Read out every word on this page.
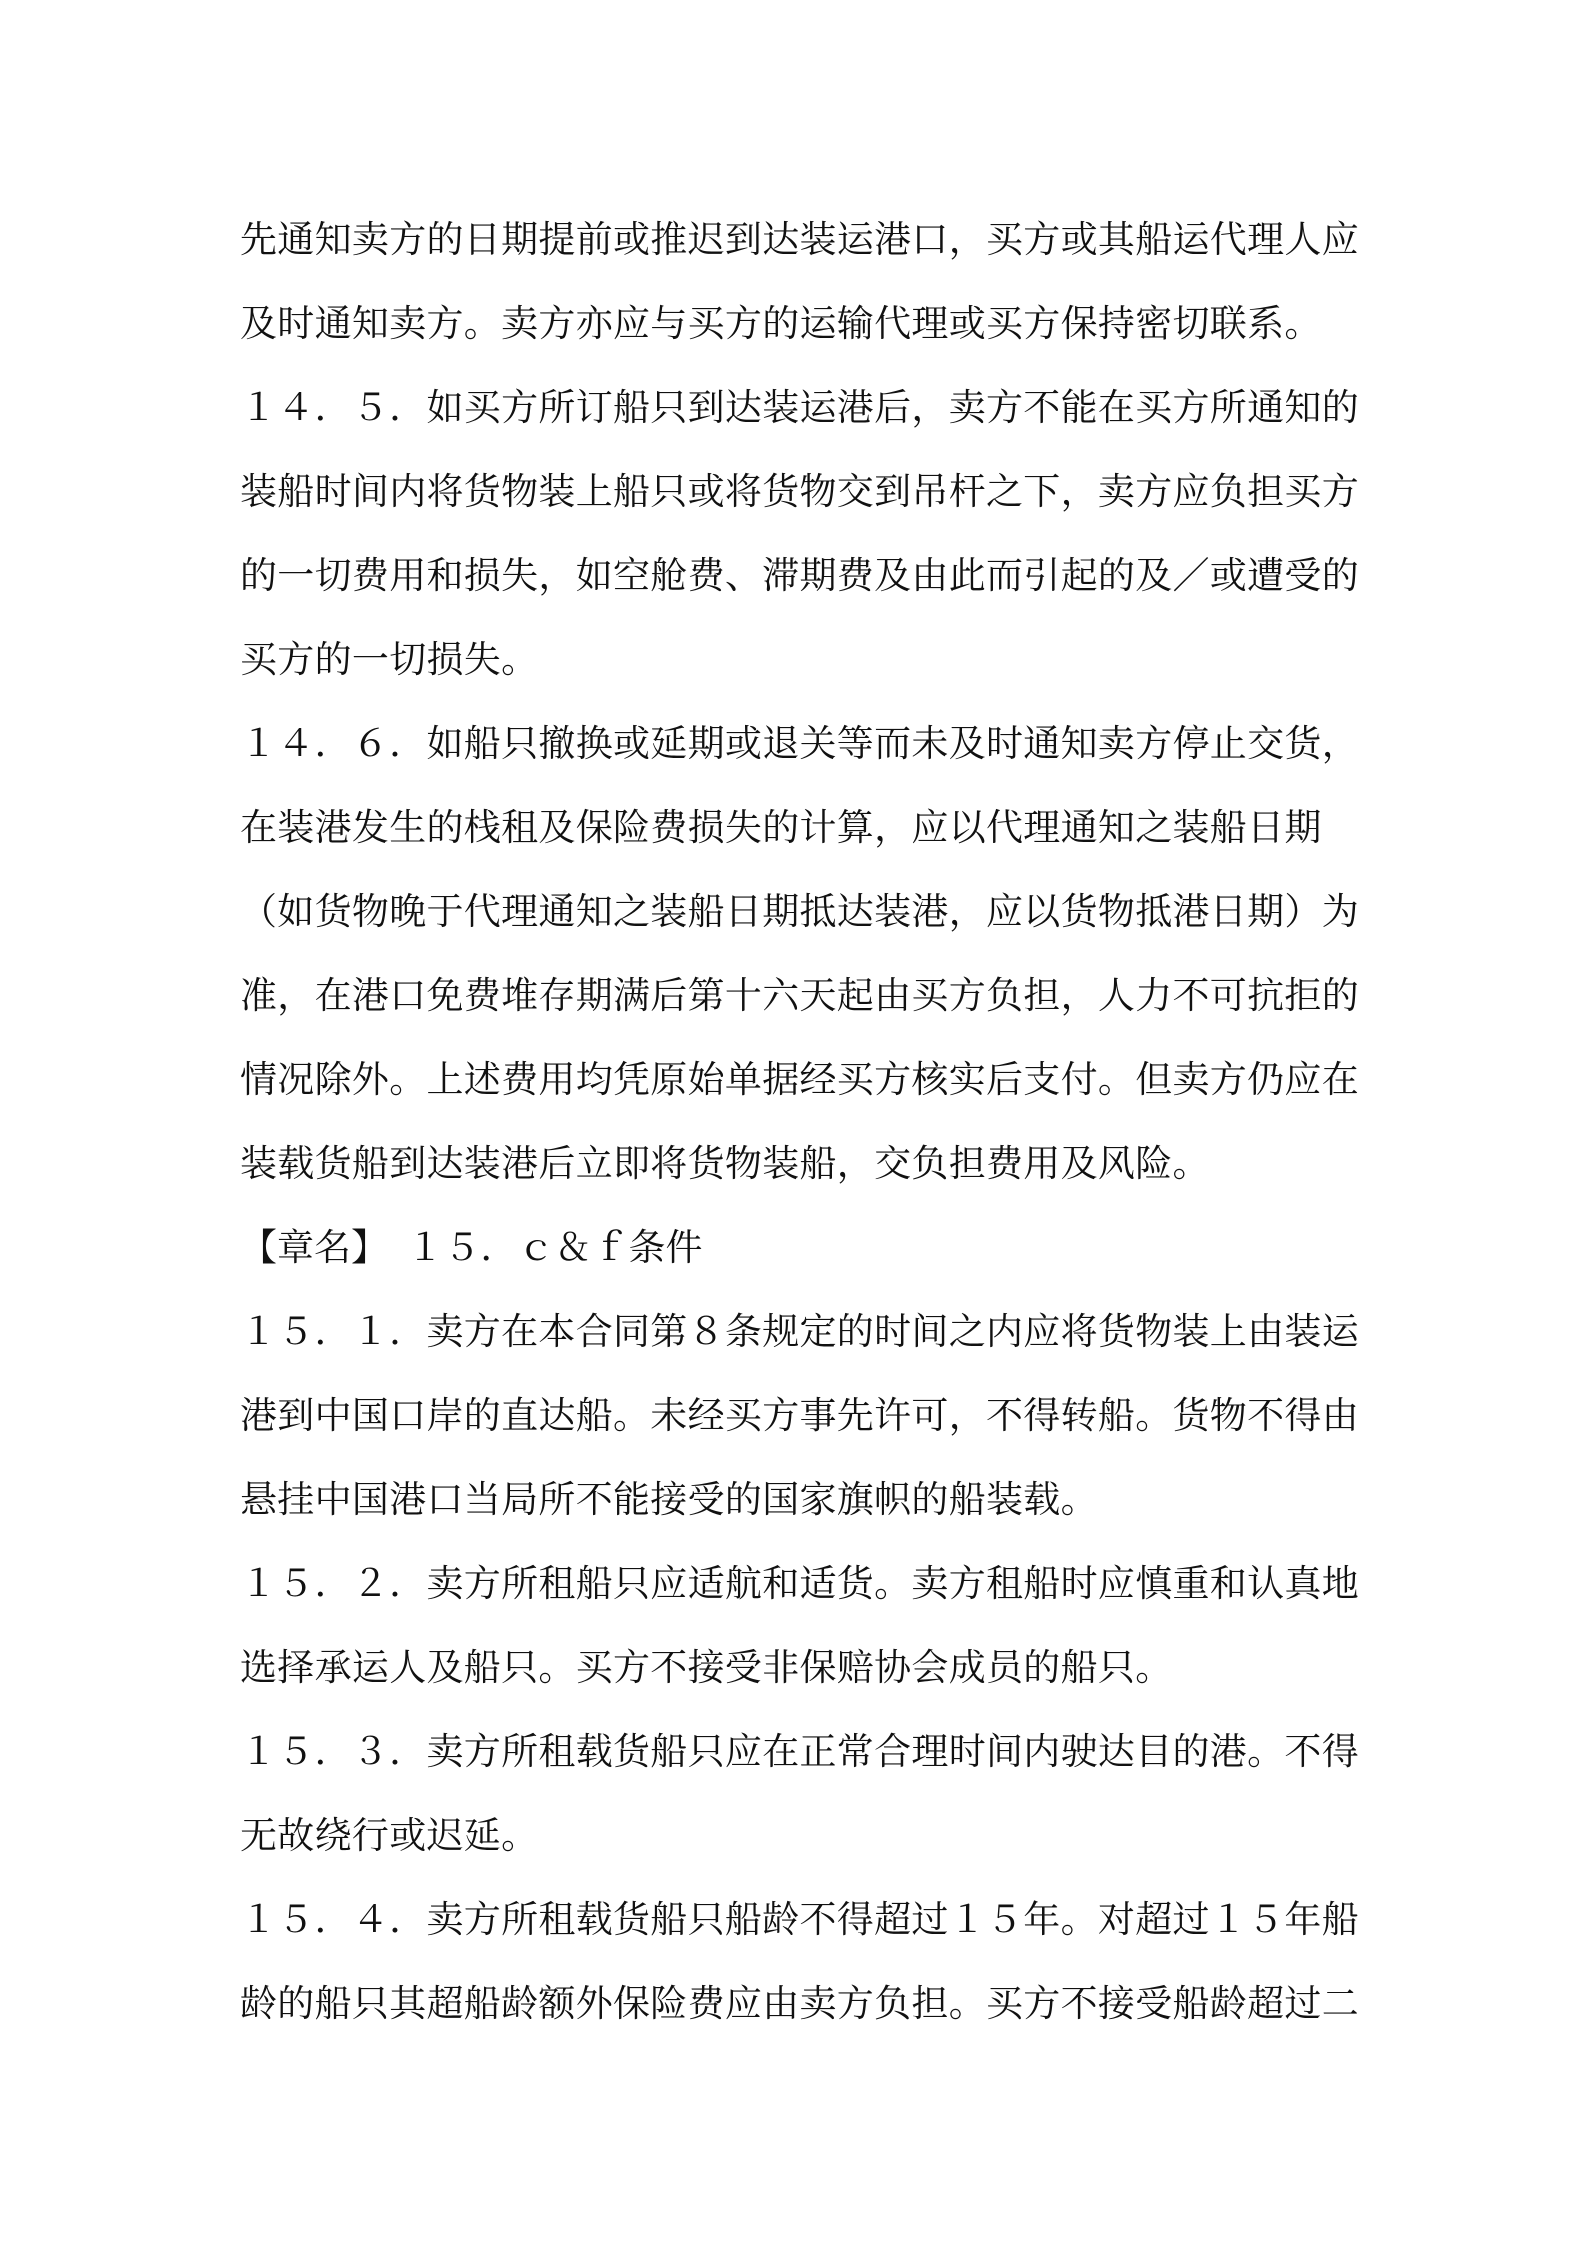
先通知卖方的日期提前或推迟到达装运港口，买方或其船运代理人应
及时通知卖方。卖方亦应与买方的运输代理或买方保持密切联系。
１４．５．如买方所订船只到达装运港后，卖方不能在买方所通知的
装船时间内将货物装上船只或将货物交到吊杆之下，卖方应负担买方
的一切费用和损失，如空舱费、滞期费及由此而引起的及／或遭受的
买方的一切损失。
１４．６．如船只撤换或延期或退关等而未及时通知卖方停止交货，
在装港发生的栈租及保险费损失的计算，应以代理通知之装船日期
（如货物晚于代理通知之装船日期抵达装港，应以货物抵港日期）为
准，在港口免费堆存期满后第十六天起由买方负担，人力不可抗拒的
情况除外。上述费用均凭原始单据经买方核实后支付。但卖方仍应在
装载货船到达装港后立即将货物装船，交负担费用及风险。
【章名】　１５．ｃ＆ｆ条件
１５．１．卖方在本合同第８条规定的时间之内应将货物装上由装运
港到中国口岸的直达船。未经买方事先许可，不得转船。货物不得由
悬挂中国港口当局所不能接受的国家旗帜的船装载。
１５．２．卖方所租船只应适航和适货。卖方租船时应慎重和认真地
选择承运人及船只。买方不接受非保赔协会成员的船只。
１５．３．卖方所租载货船只应在正常合理时间内驶达目的港。不得
无故绕行或迟延。
１５．４．卖方所租载货船只船龄不得超过１５年。对超过１５年船
龄的船只其超船龄额外保险费应由卖方负担。买方不接受船龄超过二
